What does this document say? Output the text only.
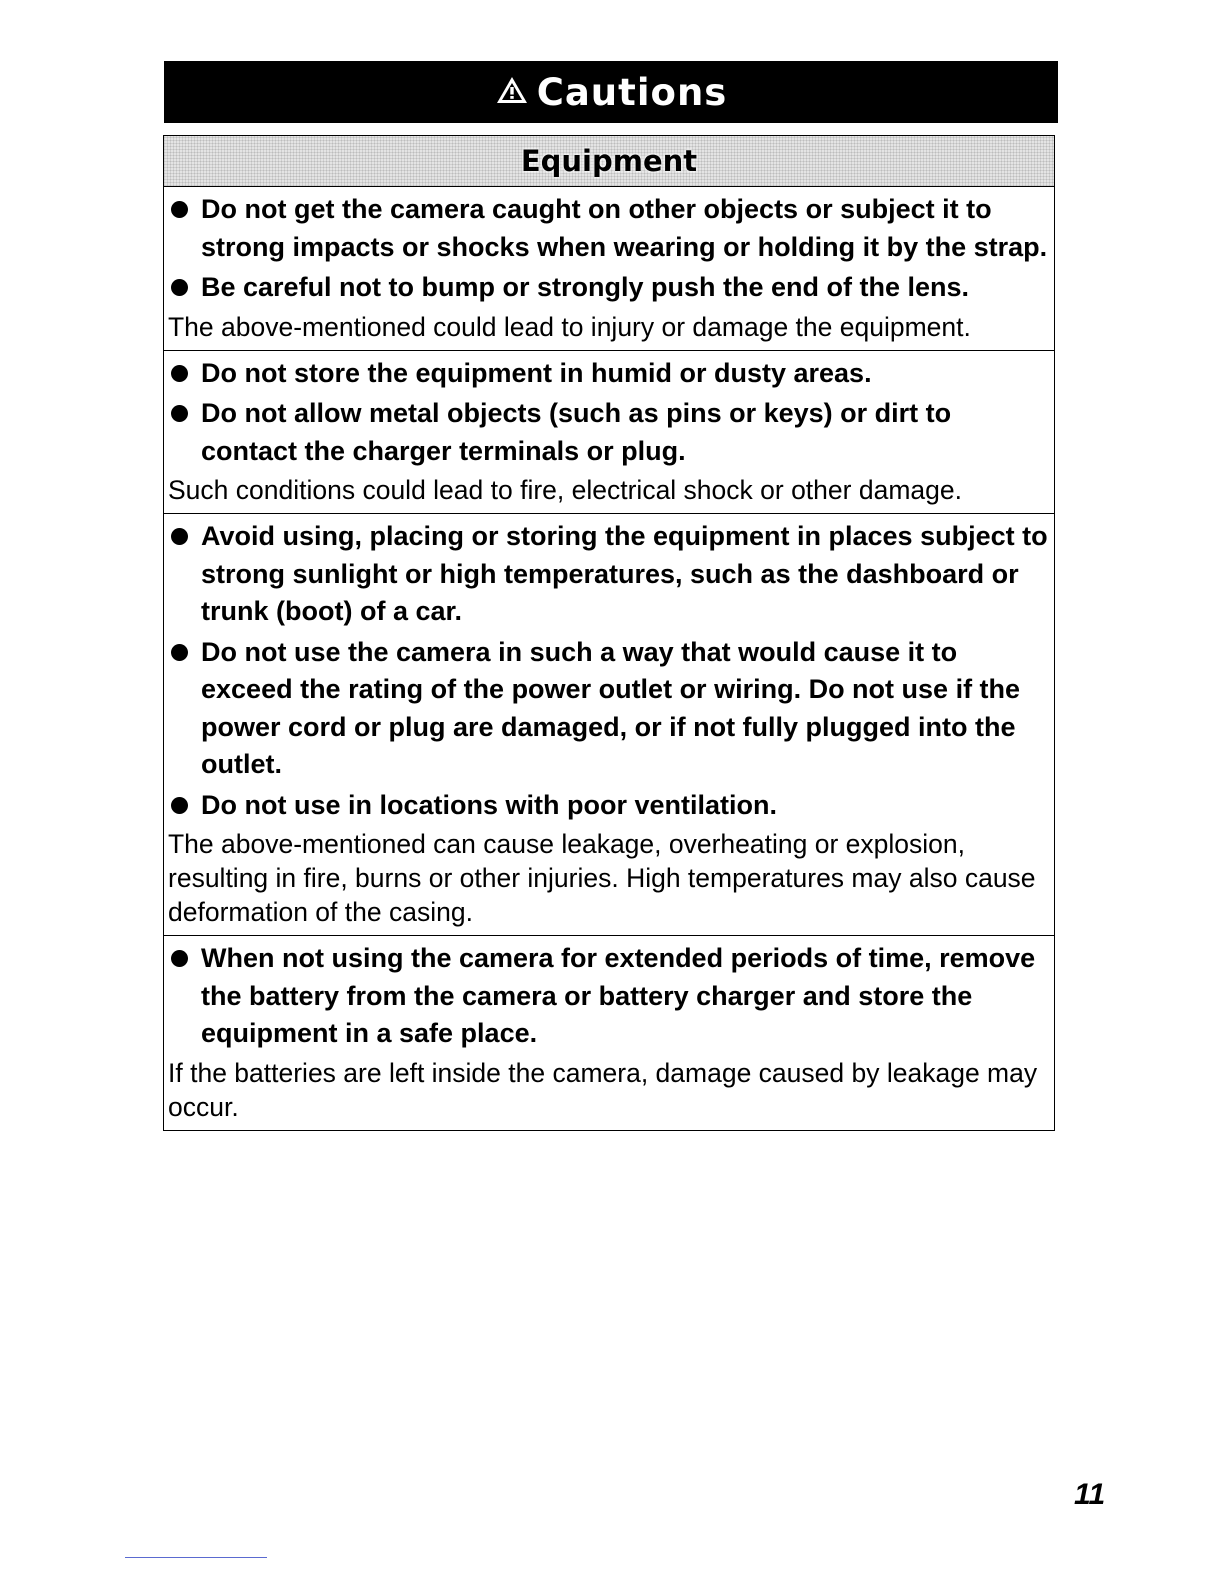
Cautions
Equipment
Do not get the camera caught on other objects or subject it to strong impacts or shocks when wearing or holding it by the strap.
Be careful not to bump or strongly push the end of the lens.
The above-mentioned could lead to injury or damage the equipment.
Do not store the equipment in humid or dusty areas.
Do not allow metal objects (such as pins or keys) or dirt to contact the charger terminals or plug.
Such conditions could lead to fire, electrical shock or other damage.
Avoid using, placing or storing the equipment in places subject to strong sunlight or high temperatures, such as the dashboard or trunk (boot) of a car.
Do not use the camera in such a way that would cause it to exceed the rating of the power outlet or wiring. Do not use if the power cord or plug are damaged, or if not fully plugged into the outlet.
Do not use in locations with poor ventilation.
The above-mentioned can cause leakage, overheating or explosion, resulting in fire, burns or other injuries. High temperatures may also cause deformation of the casing.
When not using the camera for extended periods of time, remove the battery from the camera or battery charger and store the equipment in a safe place.
If the batteries are left inside the camera, damage caused by leakage may occur.
11
